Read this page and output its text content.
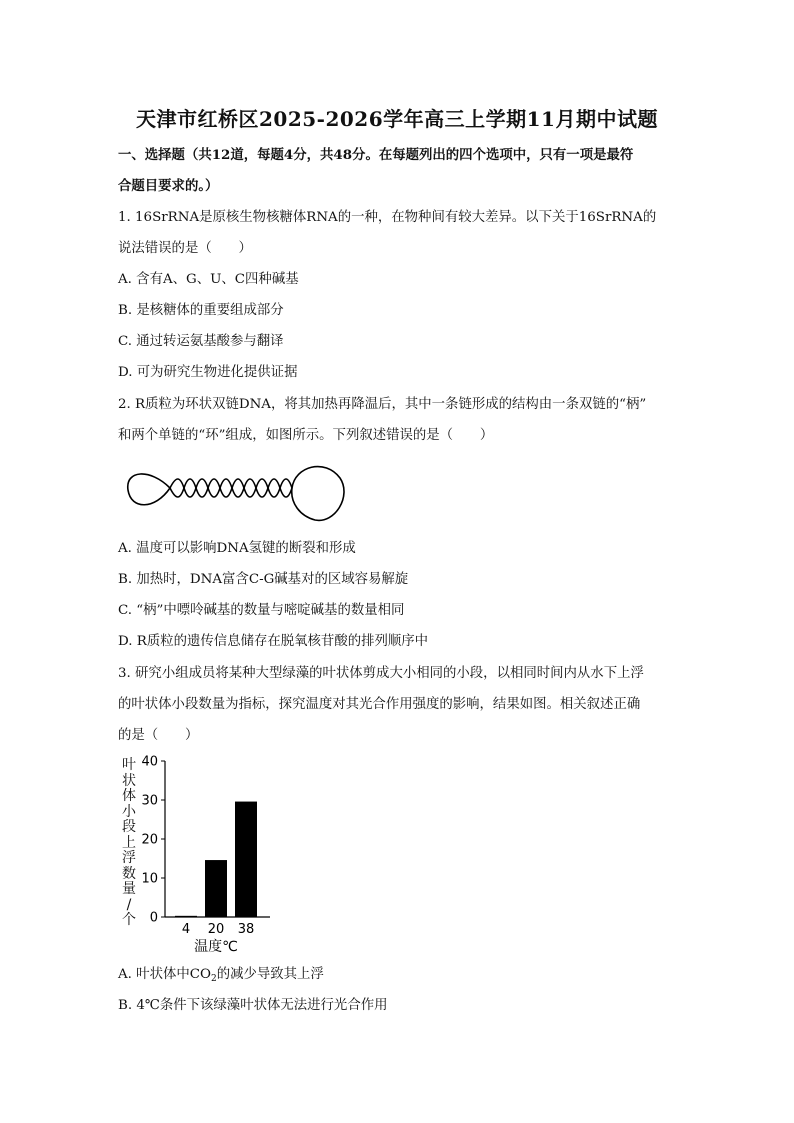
天津市红桥区2025-2026学年高三上学期11月期中试题
一、选择题（共12道，每题4分，共48分。在每题列出的四个选项中，只有一项是最符
合题目要求的。）
1. 16SrRNA是原核生物核糖体RNA的一种，在物种间有较大差异。以下关于16SrRNA的
说法错误的是（　　）
A. 含有A、G、U、C四种碱基
B. 是核糖体的重要组成部分
C. 通过转运氨基酸参与翻译
D. 可为研究生物进化提供证据
2. R质粒为环状双链DNA，将其加热再降温后，其中一条链形成的结构由一条双链的“柄”
和两个单链的“环”组成，如图所示。下列叙述错误的是（　　）
A. 温度可以影响DNA氢键的断裂和形成
B. 加热时，DNA富含C-G碱基对的区域容易解旋
C. “柄”中嘌呤碱基的数量与嘧啶碱基的数量相同
D. R质粒的遗传信息储存在脱氧核苷酸的排列顺序中
3. 研究小组成员将某种大型绿藻的叶状体剪成大小相同的小段，以相同时间内从水下上浮
的叶状体小段数量为指标，探究温度对其光合作用强度的影响，结果如图。相关叙述正确
的是（　　）
叶
状
体
小
段
上
浮
数
量
/
个 0
10
20
30
40
4 20 38
温度℃
A. 叶状体中$CO_2$的减少导致其上浮
B. 4℃条件下该绿藻叶状体无法进行光合作用
